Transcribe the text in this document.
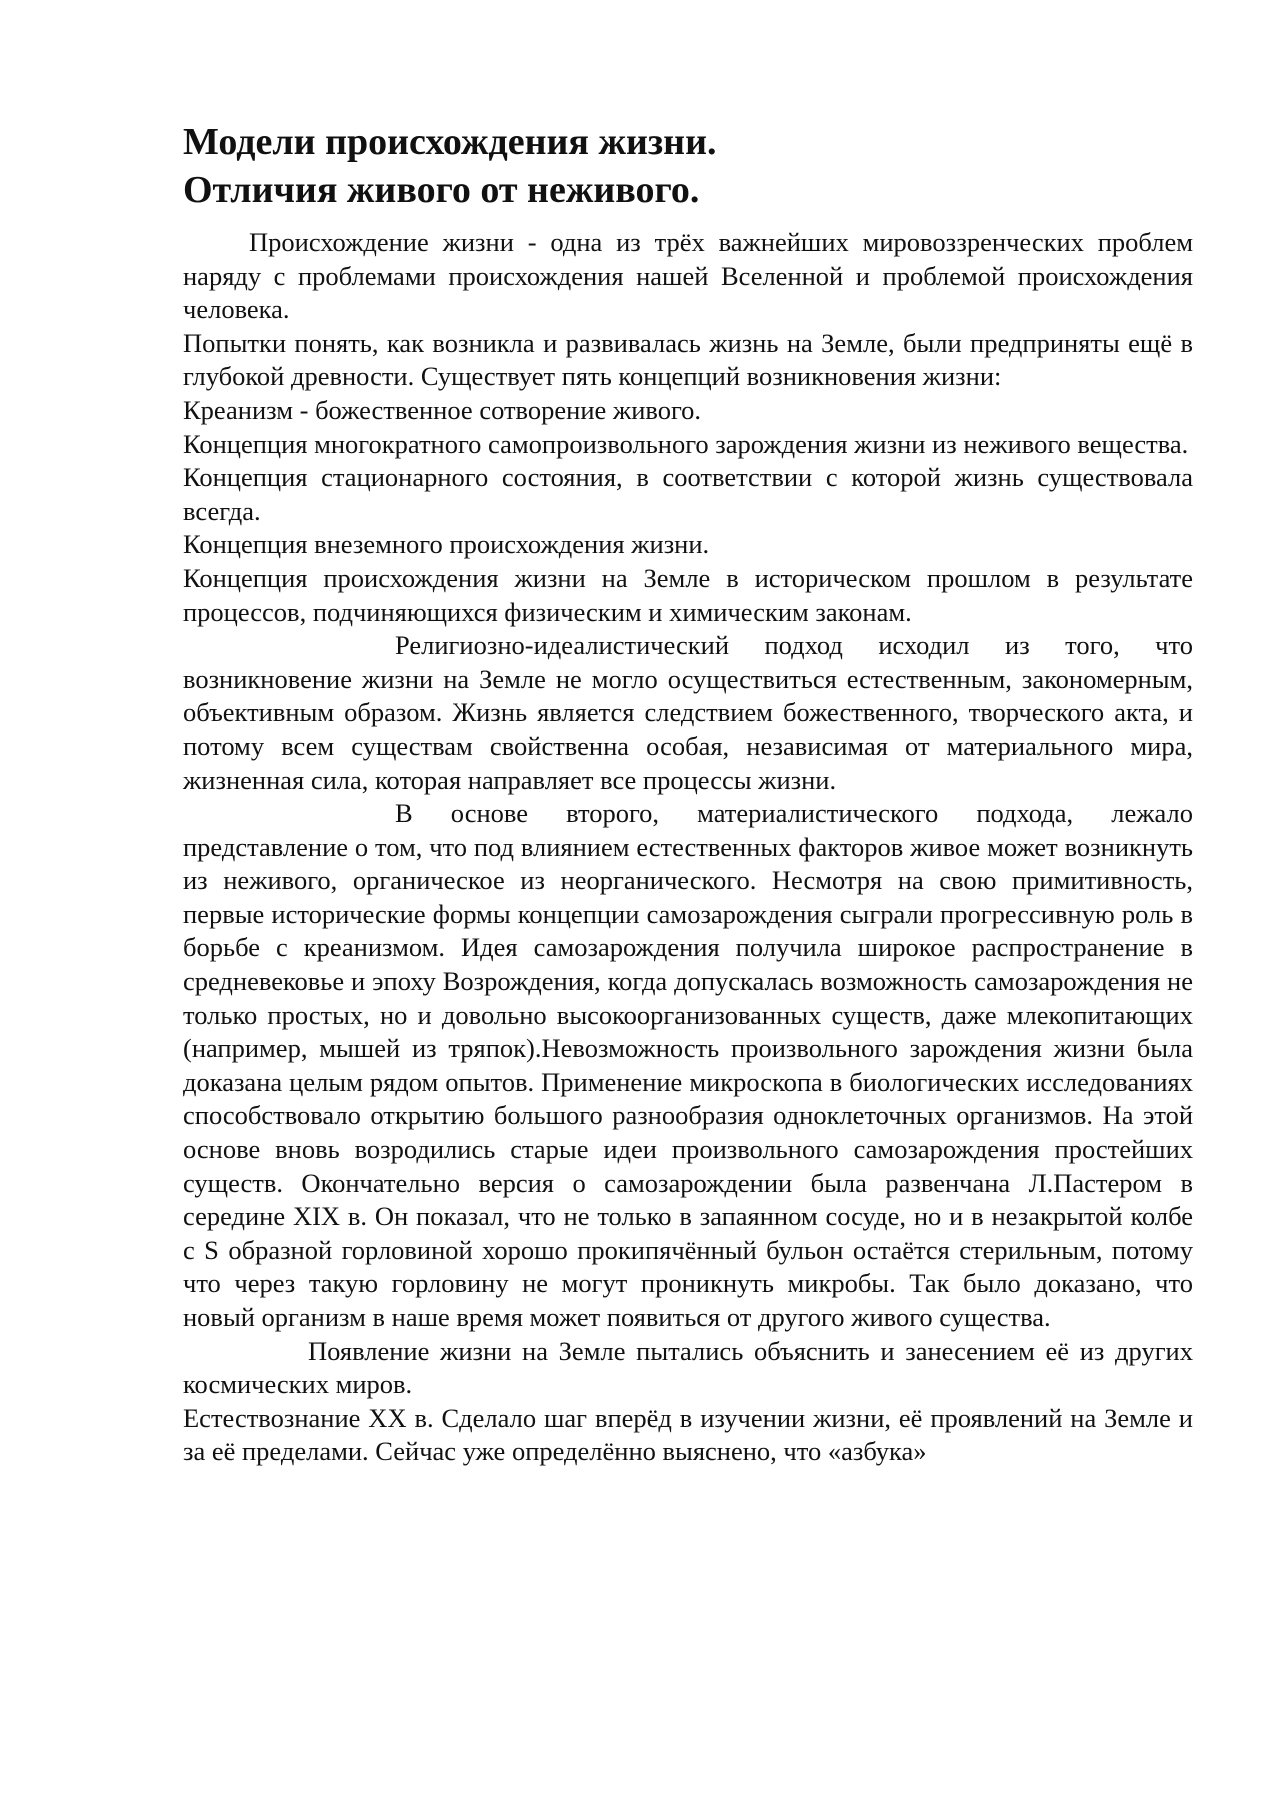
Модели происхождения жизни.
Отличия живого от неживого.

Происхождение жизни - одна из трёх важнейших мировоззренческих проблем наряду с проблемами происхождения нашей Вселенной и проблемой происхождения человека.

Попытки понять, как возникла и развивалась жизнь на Земле, были предприняты ещё в глубокой древности. Существует пять концепций возникновения жизни:

Креанизм - божественное сотворение живого.

Концепция многократного самопроизвольного зарождения жизни из неживого вещества.

Концепция стационарного состояния, в соответствии с которой жизнь существовала всегда.

Концепция внеземного происхождения жизни.

Концепция происхождения жизни на Земле в историческом прошлом в результате процессов, подчиняющихся физическим и химическим законам.

Религиозно-идеалистический подход исходил из того, что возникновение жизни на Земле не могло осуществиться естественным, закономерным, объективным образом. Жизнь является следствием божественного, творческого акта, и потому всем существам свойственна особая, независимая от материального мира, жизненная сила, которая направляет все процессы жизни.

В основе второго, материалистического подхода, лежало представление о том, что под влиянием естественных факторов живое может возникнуть из неживого, органическое из неорганического. Несмотря на свою примитивность, первые исторические формы концепции самозарождения сыграли прогрессивную роль в борьбе с креанизмом. Идея самозарождения получила широкое распространение в средневековье и эпоху Возрождения, когда допускалась возможность самозарождения не только простых, но и довольно высокоорганизованных существ, даже млекопитающих (например, мышей из тряпок).Невозможность произвольного зарождения жизни была доказана целым рядом опытов. Применение микроскопа в биологических исследованиях способствовало открытию большого разнообразия одноклеточных организмов. На этой основе вновь возродились старые идеи произвольного самозарождения простейших существ. Окончательно версия о самозарождении была развенчана Л.Пастером в середине XIX в. Он показал, что не только в запаянном сосуде, но и в незакрытой колбе с S образной горловиной хорошо прокипячённый бульон остаётся стерильным, потому что через такую горловину не могут проникнуть микробы. Так было доказано, что новый организм в наше время может появиться от другого живого существа.

Появление жизни на Земле пытались объяснить и занесением её из других космических миров.

Естествознание XX в. Сделало шаг вперёд в изучении жизни, её проявлений на Земле и за её пределами. Сейчас уже определённо выяснено, что «азбука»
